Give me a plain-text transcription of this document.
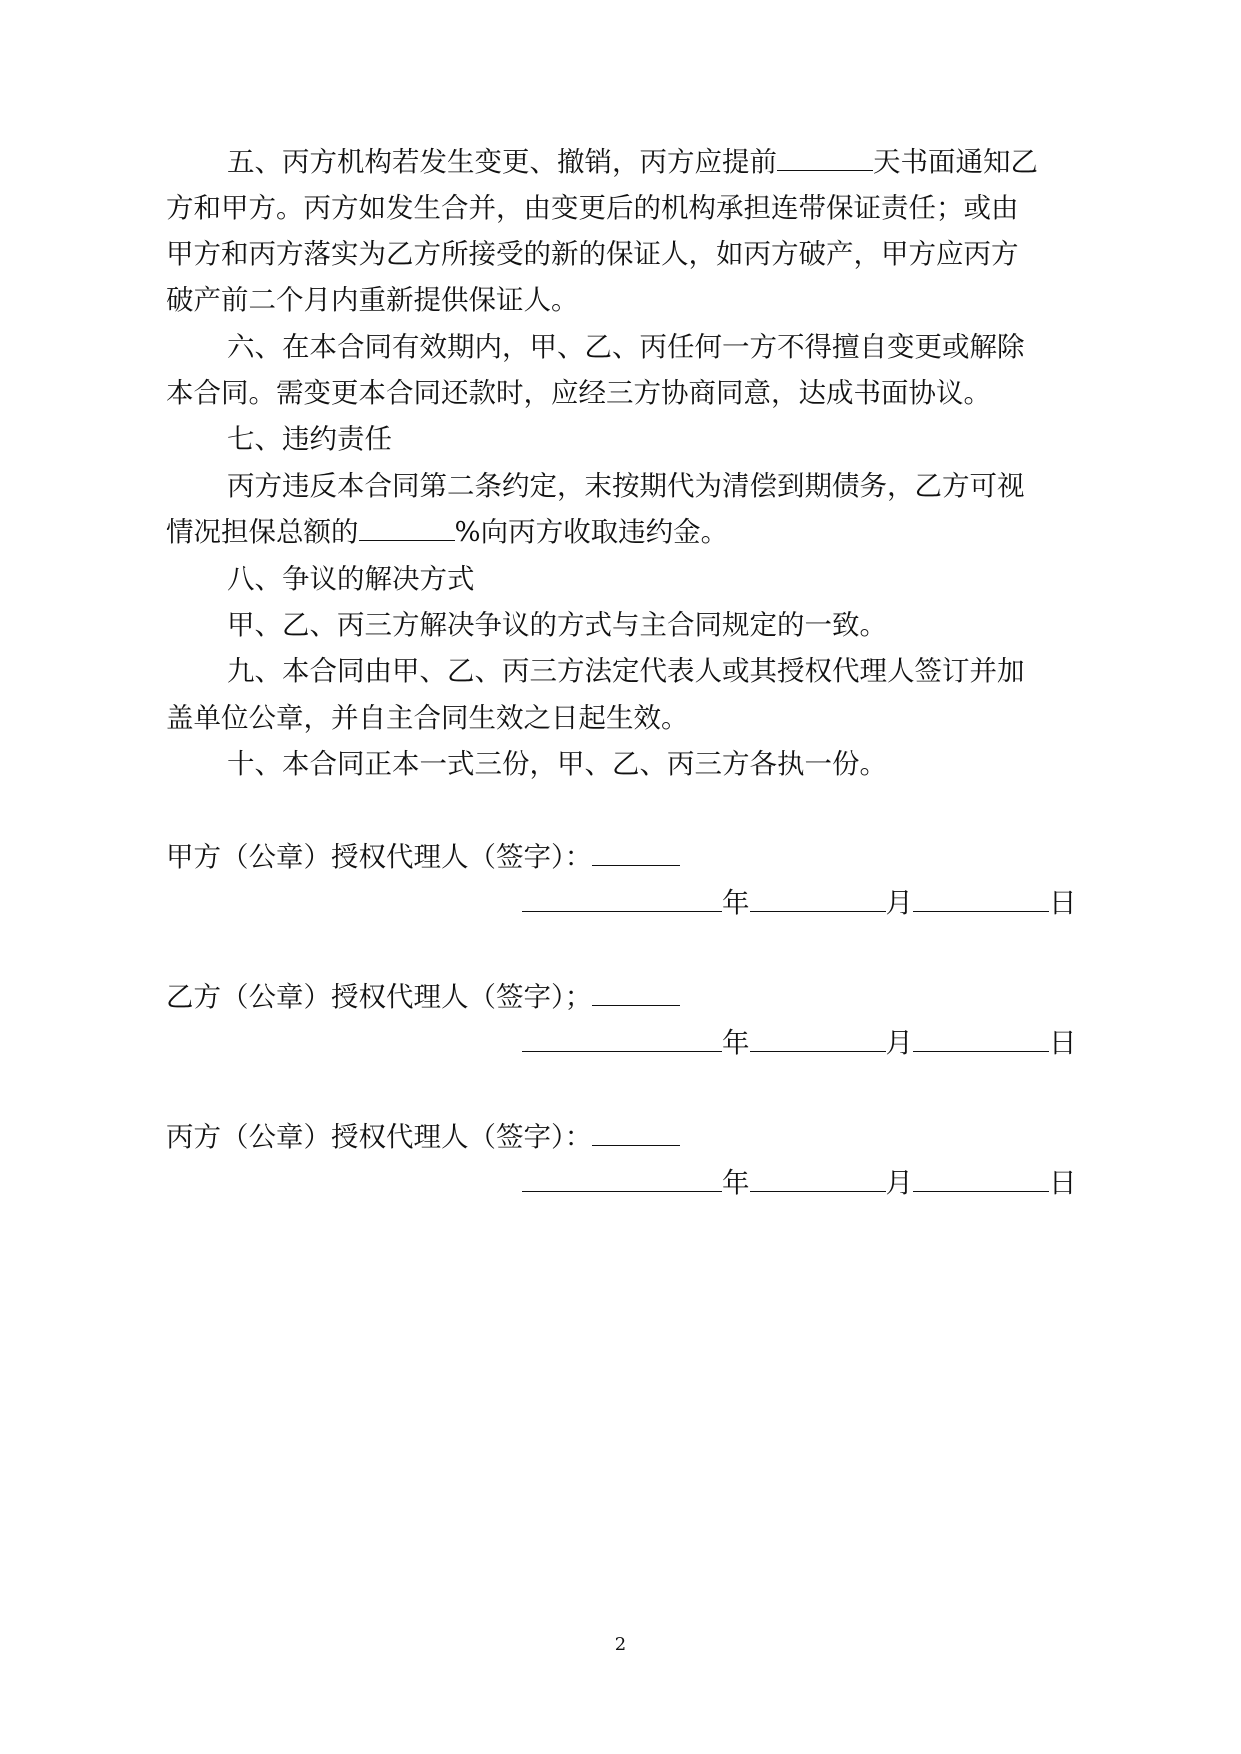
五、丙方机构若发生变更、撤销，丙方应提前	天书面通知乙

方和甲方。丙方如发生合并，由变更后的机构承担连带保证责任；或由

甲方和丙方落实为乙方所接受的新的保证人，如丙方破产，甲方应丙方

破产前二个月内重新提供保证人。

六、在本合同有效期内，甲、乙、丙任何一方不得擅自变更或解除

本合同。需变更本合同还款时，应经三方协商同意，达成书面协议。

七、违约责任

丙方违反本合同第二条约定，末按期代为清偿到期债务，乙方可视

情况担保总额的	%向丙方收取违约金。

八、争议的解决方式

甲、乙、丙三方解决争议的方式与主合同规定的一致。

九、本合同由甲、乙、丙三方法定代表人或其授权代理人签订并加

盖单位公章，并自主合同生效之日起生效。

十、本合同正本一式三份，甲、乙、丙三方各执一份。

甲方（公章）授权代理人（签字）：
年	月	日
乙方（公章）授权代理人（签字）；
年	月	日
丙方（公章）授权代理人（签字）：
年	月	日
2
